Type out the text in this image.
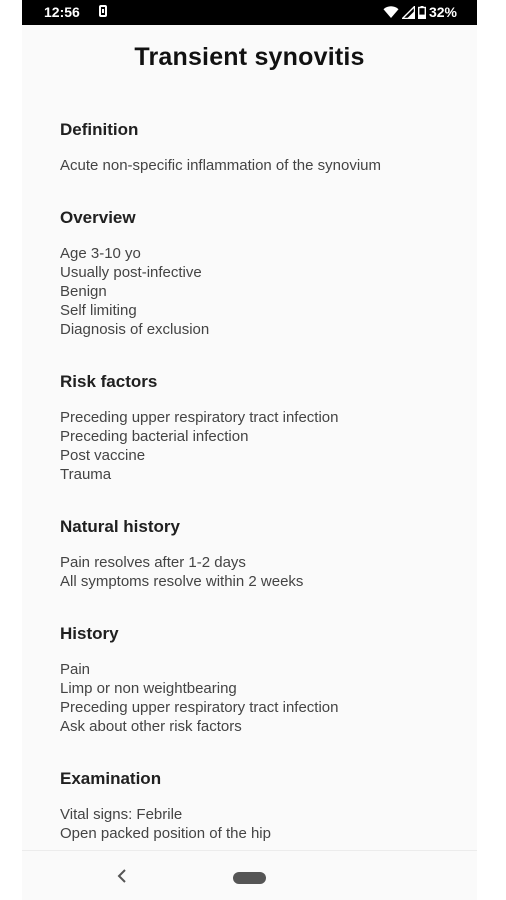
12:56	32%
Transient synovitis
Definition
Acute non-specific inflammation of the synovium
Overview
Age 3-10 yo
Usually post-infective
Benign
Self limiting
Diagnosis of exclusion
Risk factors
Preceding upper respiratory tract infection
Preceding bacterial infection
Post vaccine
Trauma
Natural history
Pain resolves after 1-2 days
All symptoms resolve within 2 weeks
History
Pain
Limp or non weightbearing
Preceding upper respiratory tract infection
Ask about other risk factors
Examination
Vital signs: Febrile
Open packed position of the hip
